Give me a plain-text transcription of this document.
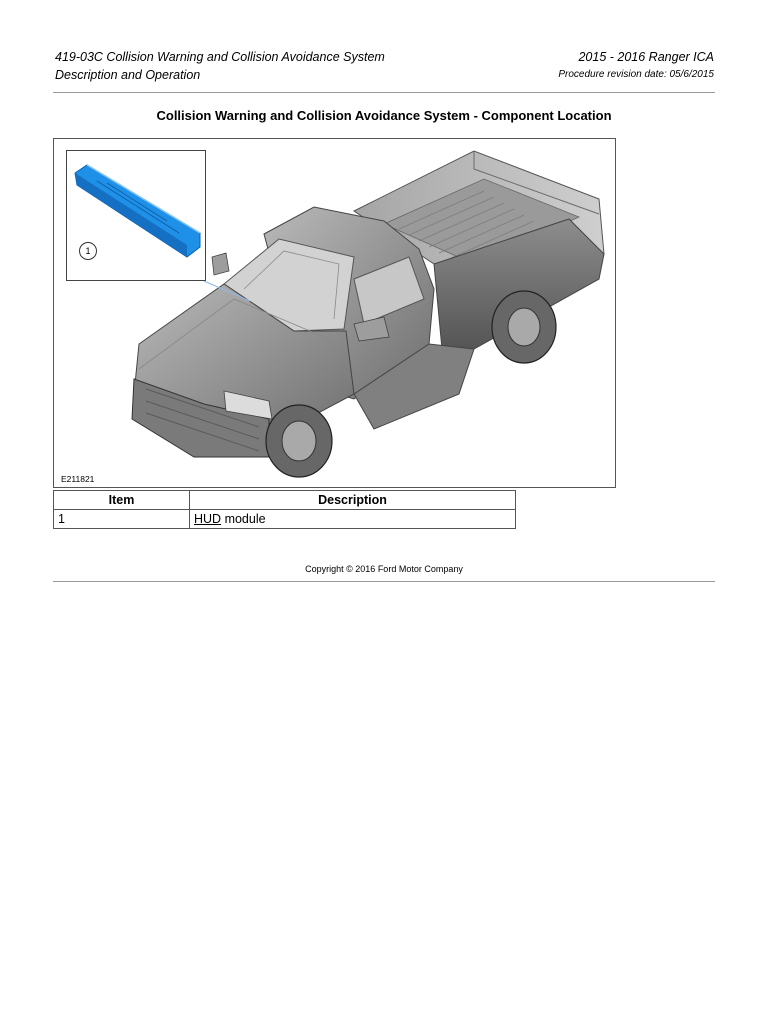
419-03C Collision Warning and Collision Avoidance System
Description and Operation
2015 - 2016 Ranger ICA
Procedure revision date: 05/6/2015
Collision Warning and Collision Avoidance System - Component Location
1
E211821
Item	Description
1	HUD module
Copyright © 2016 Ford Motor Company
